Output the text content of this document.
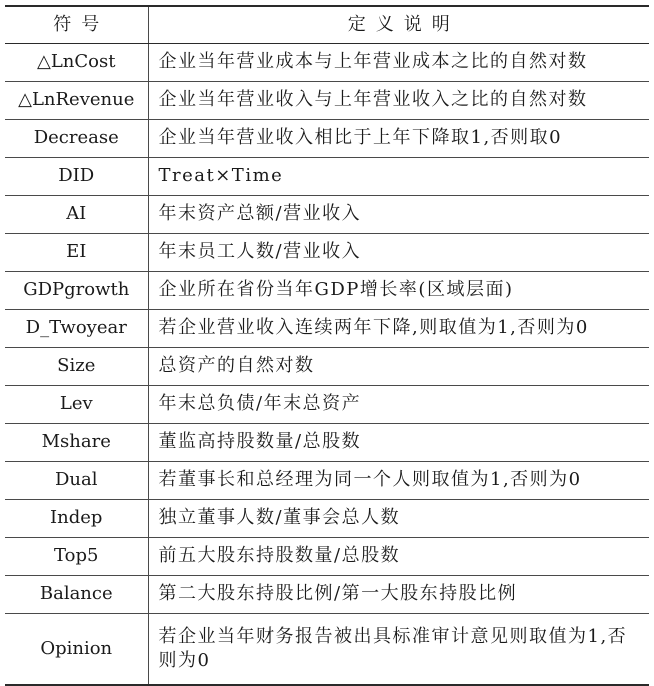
符号	定义说明
△LnCost	企业当年营业成本与上年营业成本之比的自然对数
△LnRevenue	企业当年营业收入与上年营业收入之比的自然对数
Decrease	企业当年营业收入相比于上年下降取1,否则取0
DID	Treat×Time
AI	年末资产总额/营业收入
EI	年末员工人数/营业收入
GDPgrowth	企业所在省份当年GDP增长率(区域层面)
D_Twoyear	若企业营业收入连续两年下降,则取值为1,否则为0
Size	总资产的自然对数
Lev	年末总负债/年末总资产
Mshare	董监高持股数量/总股数
Dual	若董事长和总经理为同一个人则取值为1,否则为0
Indep	独立董事人数/董事会总人数
Top5	前五大股东持股数量/总股数
Balance	第二大股东持股比例/第一大股东持股比例
Opinion	若企业当年财务报告被出具标准审计意见则取值为1,否则为0
